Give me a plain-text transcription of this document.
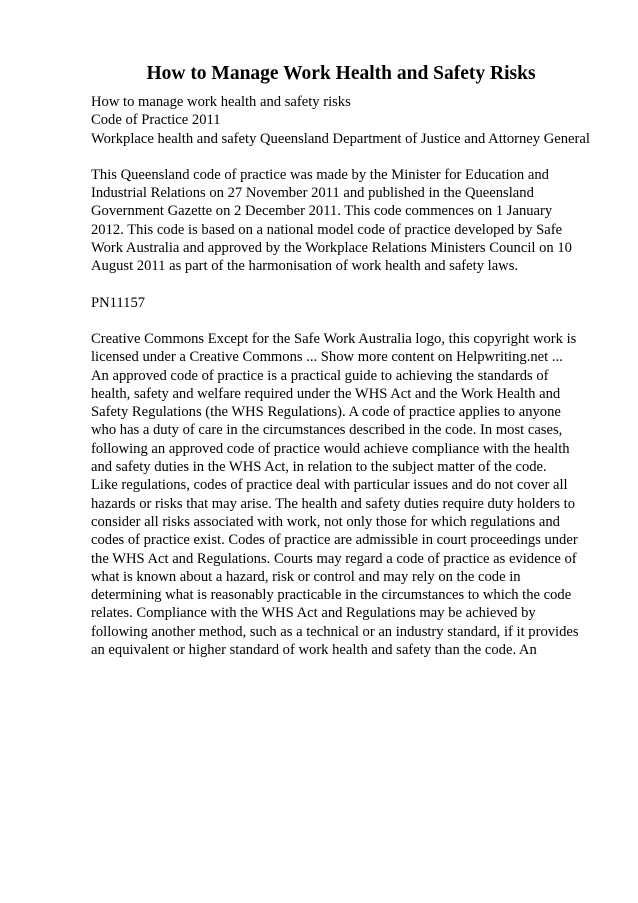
How to Manage Work Health and Safety Risks
How to manage work health and safety risks
Code of Practice 2011
Workplace health and safety Queensland Department of Justice and Attorney General

This Queensland code of practice was made by the Minister for Education and
Industrial Relations on 27 November 2011 and published in the Queensland
Government Gazette on 2 December 2011. This code commences on 1 January
2012. This code is based on a national model code of practice developed by Safe
Work Australia and approved by the Workplace Relations Ministers Council on 10
August 2011 as part of the harmonisation of work health and safety laws.

PN11157

Creative Commons Except for the Safe Work Australia logo, this copyright work is
licensed under a Creative Commons ... Show more content on Helpwriting.net ...
An approved code of practice is a practical guide to achieving the standards of
health, safety and welfare required under the WHS Act and the Work Health and
Safety Regulations (the WHS Regulations). A code of practice applies to anyone
who has a duty of care in the circumstances described in the code. In most cases,
following an approved code of practice would achieve compliance with the health
and safety duties in the WHS Act, in relation to the subject matter of the code.
Like regulations, codes of practice deal with particular issues and do not cover all
hazards or risks that may arise. The health and safety duties require duty holders to
consider all risks associated with work, not only those for which regulations and
codes of practice exist. Codes of practice are admissible in court proceedings under
the WHS Act and Regulations. Courts may regard a code of practice as evidence of
what is known about a hazard, risk or control and may rely on the code in
determining what is reasonably practicable in the circumstances to which the code
relates. Compliance with the WHS Act and Regulations may be achieved by
following another method, such as a technical or an industry standard, if it provides
an equivalent or higher standard of work health and safety than the code. An
